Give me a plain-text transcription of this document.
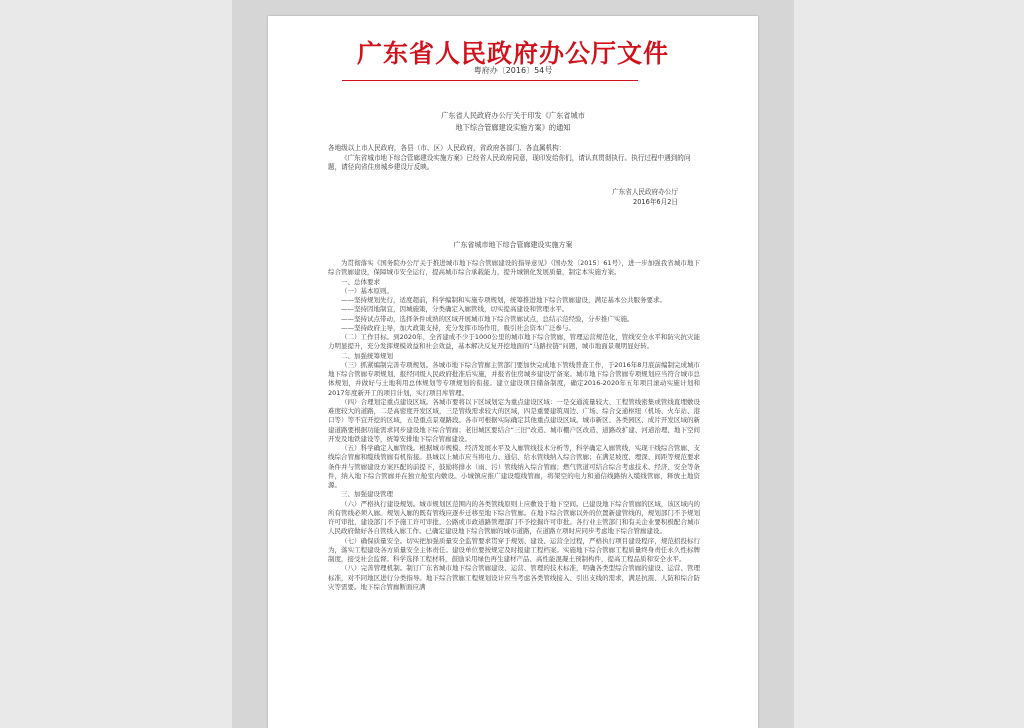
广东省人民政府办公厅文件
粤府办〔2016〕54号
广东省人民政府办公厅关于印发《广东省城市
地下综合管廊建设实施方案》的通知

各地级以上市人民政府，各县（市、区）人民政府，省政府各部门、各直属机构：

《广东省城市地下综合管廊建设实施方案》已经省人民政府同意，现印发给你们，请认真贯彻执行。执行过程中遇到的问题，请径向省住房城乡建设厅反映。

广东省人民政府办公厅
2016年6月2日
广东省城市地下综合管廊建设实施方案

为贯彻落实《国务院办公厅关于推进城市地下综合管廊建设的指导意见》（国办发〔2015〕61号），进一步加强我省城市地下综合管廊建设，保障城市安全运行，提高城市综合承载能力，提升城镇化发展质量，制定本实施方案。

一、总体要求

（一）基本原则。

——坚持规划先行，适度超前，科学编制和实施专项规划，统筹推进地下综合管廊建设，满足基本公共服务要求。

——坚持因地制宜，因城施策，分类确定入廊管线，切实提高建设和管理水平。

——坚持试点带动，选择条件成熟的区域开展城市地下综合管廊试点，总结示范经验，分步推广实施。

——坚持政府主导，加大政策支持，充分发挥市场作用，吸引社会资本广泛参与。

（二）工作目标。到2020年，全省建成不少于1000公里的城市地下综合管廊，管理运营规范化，管线安全水平和防灾抗灾能力明显提升，充分发挥规模效益和社会效益，基本解决反复开挖地面的“马路拉链”问题，城市地面景观明显好转。

二、加强统筹规划

（三）抓紧编制完善专项规划。各城市地下综合管廊主管部门要加快完成地下管线普查工作，于2016年8月底前编制完成城市地下综合管廊专项规划，报经同级人民政府批准后实施，并报省住房城乡建设厅备案。城市地下综合管廊专项规划应当符合城市总体规划，并做好与土地利用总体规划等专项规划的衔接。建立建设项目储备制度，确定2016-2020年五年项目滚动实施计划和2017年度新开工的项目计划，实行项目库管理。

（四）合理划定重点建设区域。各城市要将以下区域划定为重点建设区域：一是交通流量较大、工程管线密集或管线直埋敷设难度较大的道路，二是高密度开发区域，三是管线需求较大的区域，四是重要建筑周边、广场、综合交通枢纽（机场、火车站、港口等）等不宜开挖的区域，五是重点景观路段。各市可根据实际确定其他重点建设区域。城市新区、各类园区、成片开发区域的新建道路要根据功能需求同步建设地下综合管廊；老旧城区要结合“三旧”改造、城市棚户区改造、道路改扩建、河道治理、地下空间开发及地铁建设等，统筹安排地下综合管廊建设。

（五）科学确定入廊管线。根据城市规模、经济发展水平及入廊管线技术分析等，科学确定入廊管线，实现干线综合管廊、支线综合管廊和缆线管廊有机衔接。县城以上城市应当将电力、通信、给水管线纳入综合管廊；在满足坡度、埋深、间距等规范要求条件并与管廊建设方案匹配的前提下，鼓励将排水（雨、污）管线纳入综合管廊；燃气管道可结合综合考虑技术、经济、安全等条件，纳入地下综合管廊并在独立舱室内敷设。小城镇应推广建设缆线管廊，将架空的电力和通信线路纳入缆线管廊，释放土地资源。

三、加强建设管理

（六）严格执行建设规划。城市规划区范围内的各类管线原则上应敷设于地下空间。已建设地下综合管廊的区域，该区域内的所有管线必须入廊。规划入廊的既有管线应逐步迁移至地下综合管廊。在地下综合管廊以外的位置新建管线的，规划部门不予规划许可审批，建设部门不予施工许可审批，公路或市政道路管理部门不予挖掘许可审批。各行业主管部门和有关企业要积极配合城市人民政府做好各自管线入廊工作。已确定建设地下综合管廊的城市道路，在道路立项时应同步考虑地下综合管廊建设。

（七）确保质量安全。切实把加强质量安全监管要求贯穿于规划、建设、运营全过程，严格执行项目建设程序，规范招投标行为，落实工程建设各方质量安全主体责任。建设单位要按规定及时报建工程档案。实施地下综合管廊工程质量终身责任永久性标牌制度，接受社会监督。科学选择工程材料，鼓励采用绿色再生建材产品、高性能混凝土预制构件，提高工程品质和安全水平。

（八）完善管理机制。制订广东省城市地下综合管廊建设、运营、管理的技术标准，明确各类型综合管廊的建设、运营、管理标准，对不同地区进行分类指导。地下综合管廊工程规划设计应当考虑各类管线接入、引出支线的需求，满足抗震、人防和综合防灾等需要。地下综合管廊断面应满
